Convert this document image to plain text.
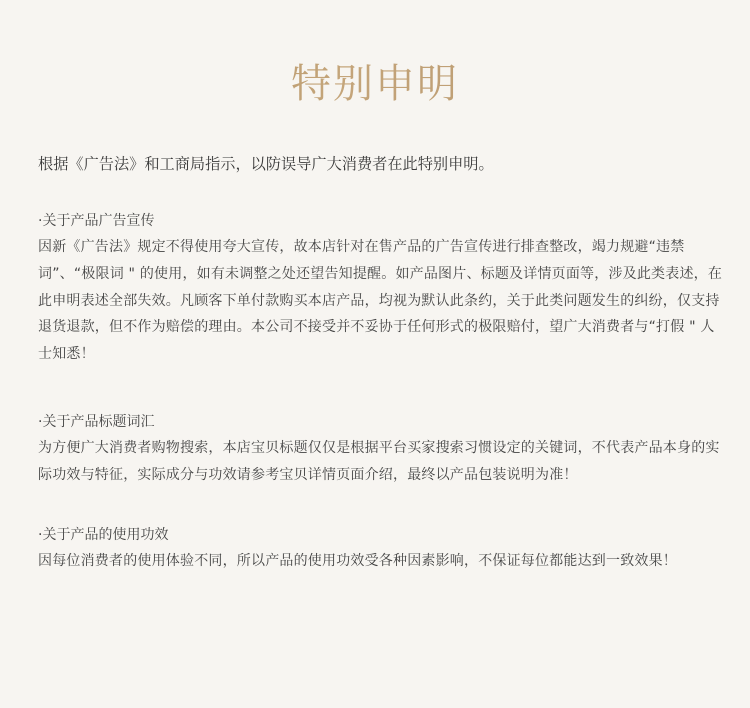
特别申明
根据《广告法》和工商局指示，以防误导广大消费者在此特别申明。
·关于产品广告宣传
因新《广告法》规定不得使用夸大宣传，故本店针对在售产品的广告宣传进行排查整改，竭力规避“违禁词”、“极限词 " 的使用，如有未调整之处还望告知提醒。如产品图片、标题及详情页面等，涉及此类表述，在此申明表述全部失效。凡顾客下单付款购买本店产品，均视为默认此条约，关于此类问题发生的纠纷，仅支持退货退款，但不作为赔偿的理由。本公司不接受并不妥协于任何形式的极限赔付，望广大消费者与“打假 " 人士知悉！
·关于产品标题词汇
为方便广大消费者购物搜索，本店宝贝标题仅仅是根据平台买家搜索习惯设定的关键词，不代表产品本身的实际功效与特征，实际成分与功效请参考宝贝详情页面介绍，最终以产品包装说明为准！
·关于产品的使用功效
因每位消费者的使用体验不同，所以产品的使用功效受各种因素影响，不保证每位都能达到一致效果！
